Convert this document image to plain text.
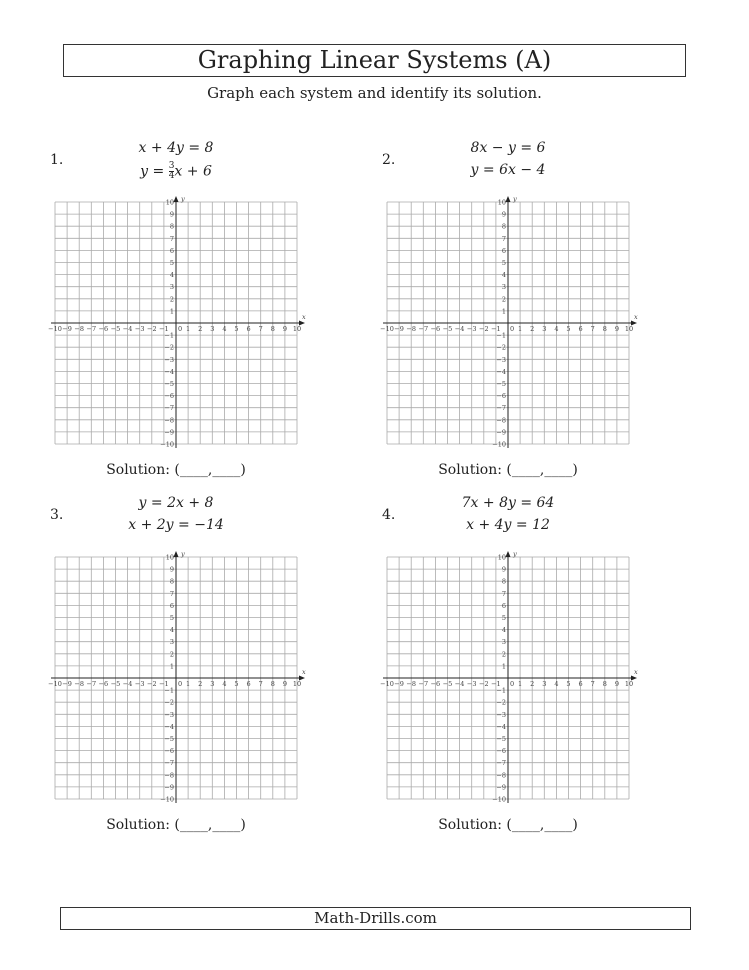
Graphing Linear Systems (A)
Graph each system and identify its solution.
1.
x + 4y = 8
$y = \frac{3}{4}$ x + 6
x
y
0
−10
−10
−9
−9
−8
−8
−7
−7
−6
−6
−5
−5
−4
−4
−3
−3
−2
−2
−1
−1
1
1
2
2
3
3
4
4
5
5
6
6
7
7
8
8
9
9
10
10
Solution: (____,____)
2.
8x − y = 6
y = 6x − 4
x
y
0
−10
−10
−9
−9
−8
−8
−7
−7
−6
−6
−5
−5
−4
−4
−3
−3
−2
−2
−1
−1
1
1
2
2
3
3
4
4
5
5
6
6
7
7
8
8
9
9
10
10
Solution: (____,____)
3.
y = 2x + 8
x + 2y = −14
x
y
0
−10
−10
−9
−9
−8
−8
−7
−7
−6
−6
−5
−5
−4
−4
−3
−3
−2
−2
−1
−1
1
1
2
2
3
3
4
4
5
5
6
6
7
7
8
8
9
9
10
10
Solution: (____,____)
4.
7x + 8y = 64
x + 4y = 12
x
y
0
−10
−10
−9
−9
−8
−8
−7
−7
−6
−6
−5
−5
−4
−4
−3
−3
−2
−2
−1
−1
1
1
2
2
3
3
4
4
5
5
6
6
7
7
8
8
9
9
10
10
Solution: (____,____)
Math-Drills.com
